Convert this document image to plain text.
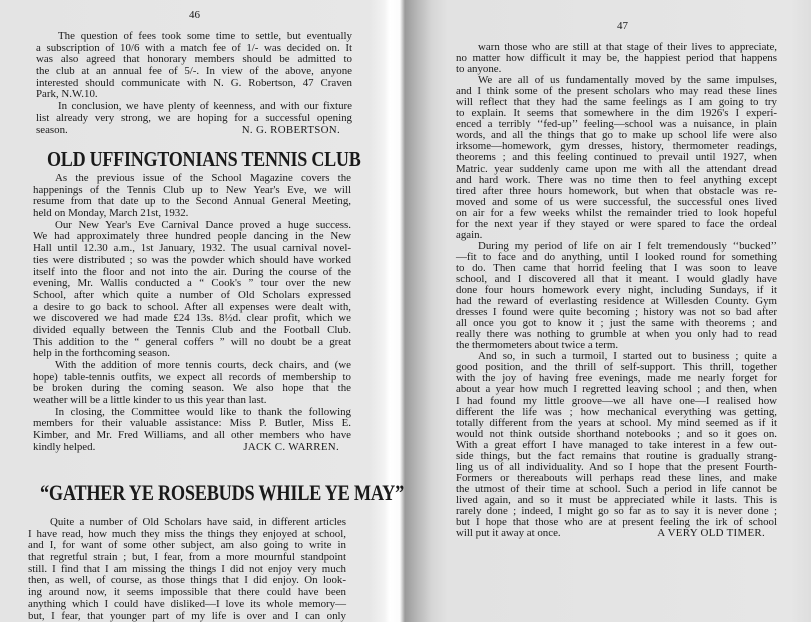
46
The question of fees took some time to settle, but eventually
a subscription of 10/6 with a match fee of 1/- was decided on. It
was also agreed that honorary members should be admitted to
the club at an annual fee of 5/-. In view of the above, anyone
interested should communicate with N. G. Robertson, 47 Craven
Park, N.W.10.
In conclusion, we have plenty of keenness, and with our fixture
list already very strong, we are hoping for a successful opening
season.	N. G. ROBERTSON.
OLD UFFINGTONIANS TENNIS CLUB
As the previous issue of the School Magazine covers the
happenings of the Tennis Club up to New Year's Eve, we will
resume from that date up to the Second Annual General Meeting,
held on Monday, March 21st, 1932.
Our New Year's Eve Carnival Dance proved a huge success.
We had approximately three hundred people dancing in the New
Hall until 12.30 a.m., 1st January, 1932. The usual carnival novel-
ties were distributed ; so was the powder which should have worked
itself into the floor and not into the air. During the course of the
evening, Mr. Wallis conducted a “ Cook's ” tour over the new
School, after which quite a number of Old Scholars expressed
a desire to go back to school. After all expenses were dealt with,
we discovered we had made £24 13s. 8½d. clear profit, which we
divided equally between the Tennis Club and the Football Club.
This addition to the “ general coffers ” will no doubt be a great
help in the forthcoming season.
With the addition of more tennis courts, deck chairs, and (we
hope) table-tennis outfits, we expect all records of membership to
be broken during the coming season. We also hope that the
weather will be a little kinder to us this year than last.
In closing, the Committee would like to thank the following
members for their valuable assistance: Miss P. Butler, Miss E.
Kimber, and Mr. Fred Williams, and all other members who have
kindly helped.	JACK C. WARREN.
“GATHER YE ROSEBUDS WHILE YE MAY”
Quite a number of Old Scholars have said, in different articles
I have read, how much they miss the things they enjoyed at school,
and I, for want of some other subject, am also going to write in
that regretful strain ; but, I fear, from a more mournful standpoint
still. I find that I am missing the things I did not enjoy very much
then, as well, of course, as those things that I did enjoy. On look-
ing around now, it seems impossible that there could have been
anything which I could have disliked—I love its whole memory—
but, I fear, that younger part of my life is over and I can only
47
warn those who are still at that stage of their lives to appreciate,
no matter how difficult it may be, the happiest period that happens
to anyone.
We are all of us fundamentally moved by the same impulses,
and I think some of the present scholars who may read these lines
will reflect that they had the same feelings as I am going to try
to explain. It seems that somewhere in the dim 1926's I experi-
enced a terribly ‘‘fed-up’’ feeling—school was a nuisance, in plain
words, and all the things that go to make up school life were also
irksome—homework, gym dresses, history, thermometer readings,
theorems ; and this feeling continued to prevail until 1927, when
Matric. year suddenly came upon me with all the attendant dread
and hard work. There was no time then to feel anything except
tired after three hours homework, but when that obstacle was re-
moved and some of us were successful, the successful ones lived
on air for a few weeks whilst the remainder tried to look hopeful
for the next year if they stayed or were spared to face the ordeal
again.
During my period of life on air I felt tremendously ‘‘bucked’’
—fit to face and do anything, until I looked round for something
to do. Then came that horrid feeling that I was soon to leave
school, and I discovered all that it meant. I would gladly have
done four hours homework every night, including Sundays, if it
had the reward of everlasting residence at Willesden County. Gym
dresses I found were quite becoming ; history was not so bad after
all once you got to know it ; just the same with theorems ; and
really there was nothing to grumble at when you only had to read
the thermometers about twice a term.
And so, in such a turmoil, I started out to business ; quite a
good position, and the thrill of self-support. This thrill, together
with the joy of having free evenings, made me nearly forget for
about a year how much I regretted leaving school ; and then, when
I had found my little groove—we all have one—I realised how
different the life was ; how mechanical everything was getting,
totally different from the years at school. My mind seemed as if it
would not think outside shorthand notebooks ; and so it goes on.
With a great effort I have managed to take interest in a few out-
side things, but the fact remains that routine is gradually strang-
ling us of all individuality. And so I hope that the present Fourth-
Formers or thereabouts will perhaps read these lines, and make
the utmost of their time at school. Such a period in life cannot be
lived again, and so it must be appreciated while it lasts. This is
rarely done ; indeed, I might go so far as to say it is never done ;
but I hope that those who are at present feeling the irk of school
will put it away at once.	A VERY OLD TIMER.
